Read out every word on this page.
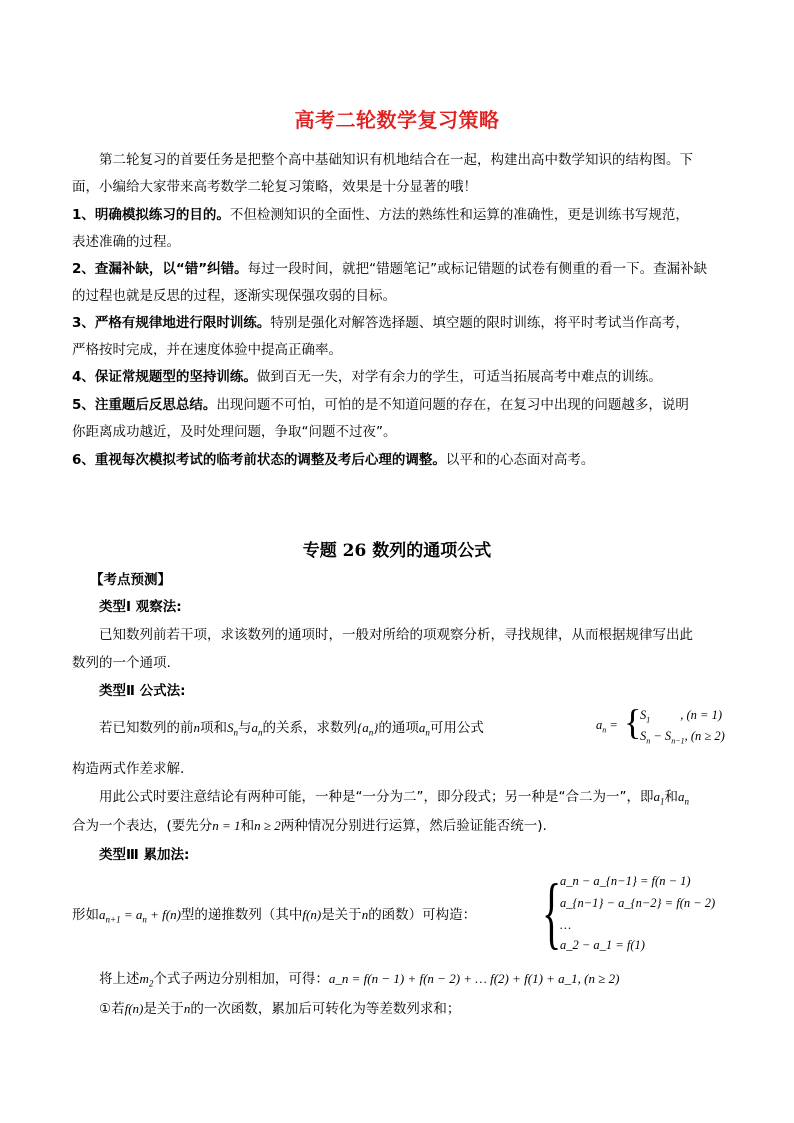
高考二轮数学复习策略
第二轮复习的首要任务是把整个高中基础知识有机地结合在一起，构建出高中数学知识的结构图。下
面，小编给大家带来高考数学二轮复习策略，效果是十分显著的哦！
1、明确模拟练习的目的。不但检测知识的全面性、方法的熟练性和运算的准确性，更是训练书写规范，
表述准确的过程。
2、查漏补缺，以“错”纠错。每过一段时间，就把“错题笔记”或标记错题的试卷有侧重的看一下。查漏补缺
的过程也就是反思的过程，逐渐实现保强攻弱的目标。
3、严格有规律地进行限时训练。特别是强化对解答选择题、填空题的限时训练，将平时考试当作高考，
严格按时完成，并在速度体验中提高正确率。
4、保证常规题型的坚持训练。做到百无一失，对学有余力的学生，可适当拓展高考中难点的训练。
5、注重题后反思总结。出现问题不可怕，可怕的是不知道问题的存在，在复习中出现的问题越多，说明
你距离成功越近，及时处理问题，争取“问题不过夜”。
6、重视每次模拟考试的临考前状态的调整及考后心理的调整。以平和的心态面对高考。
专题 26 数列的通项公式
【考点预测】
类型Ⅰ 观察法:
已知数列前若干项，求该数列的通项时，一般对所给的项观察分析，寻找规律，从而根据规律写出此
数列的一个通项.
类型Ⅱ 公式法:
若已知数列的前n项和$S_n$与$a_n$的关系，求数列$\{a_n\}$的通项$a_n$可用公式	$a_n$ = {
$S_1$ , (n = 1)
$S_n - S_{n-1}$, (n ≥ 2)
构造两式作差求解.
用此公式时要注意结论有两种可能，一种是“一分为二”，即分段式；另一种是“合二为一”，即$a_1$和$a_n$
合为一个表达，(要先分n = 1和n ≥ 2两种情况分别进行运算，然后验证能否统一).
类型Ⅲ 累加法:
形如$a_{n+1} = a_n + f(n)$型的递推数列（其中f(n)是关于n的函数）可构造： {
a_n − a_{n−1} = f(n − 1)
a_{n−1} − a_{n−2} = f(n − 2)
…
a_2 − a_1 = f(1)
将上述$m_2$个式子两边分别相加，可得：a_n = f(n − 1) + f(n − 2) + … f(2) + f(1) + a_1, (n ≥ 2)
①若f(n)是关于n的一次函数，累加后可转化为等差数列求和；
